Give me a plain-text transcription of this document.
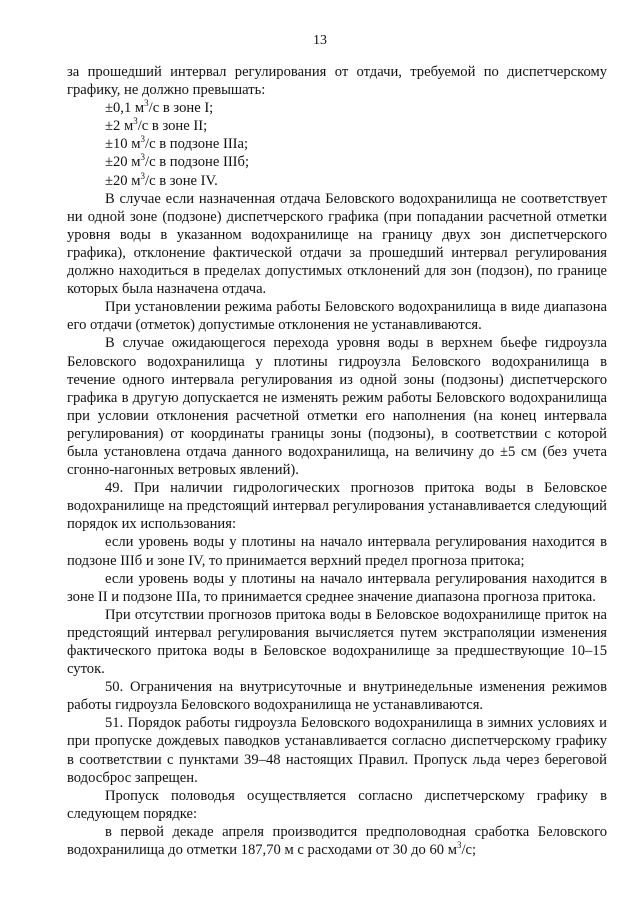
13

за прошедший интервал регулирования от отдачи, требуемой по диспетчерскому графику, не должно превышать:

±0,1 $м^3/с$ в зоне I;

±2 $м^3/с$ в зоне II;

±10 $м^3/с$ в подзоне IIIа;

±20 $м^3/с$ в подзоне IIIб;

±20 $м^3/с$ в зоне IV.

В случае если назначенная отдача Беловского водохранилища не соответствует ни одной зоне (подзоне) диспетчерского графика (при попадании расчетной отметки уровня воды в указанном водохранилище на границу двух зон диспетчерского графика), отклонение фактической отдачи за прошедший интервал регулирования должно находиться в пределах допустимых отклонений для зон (подзон), по границе которых была назначена отдача.

При установлении режима работы Беловского водохранилища в виде диапазона его отдачи (отметок) допустимые отклонения не устанавливаются.

В случае ожидающегося перехода уровня воды в верхнем бьефе гидроузла Беловского водохранилища у плотины гидроузла Беловского водохранилища в течение одного интервала регулирования из одной зоны (подзоны) диспетчерского графика в другую допускается не изменять режим работы Беловского водохранилища при условии отклонения расчетной отметки его наполнения (на конец интервала регулирования) от координаты границы зоны (подзоны), в соответствии с которой была установлена отдача данного водохранилища, на величину до ±5 см (без учета сгонно-нагонных ветровых явлений).

49. При наличии гидрологических прогнозов притока воды в Беловское водохранилище на предстоящий интервал регулирования устанавливается следующий порядок их использования:

если уровень воды у плотины на начало интервала регулирования находится в подзоне IIIб и зоне IV, то принимается верхний предел прогноза притока;

если уровень воды у плотины на начало интервала регулирования находится в зоне II и подзоне IIIа, то принимается среднее значение диапазона прогноза притока.

При отсутствии прогнозов притока воды в Беловское водохранилище приток на предстоящий интервал регулирования вычисляется путем экстраполяции изменения фактического притока воды в Беловское водохранилище за предшествующие 10–15 суток.

50. Ограничения на внутрисуточные и внутринедельные изменения режимов работы гидроузла Беловского водохранилища не устанавливаются.

51. Порядок работы гидроузла Беловского водохранилища в зимних условиях и при пропуске дождевых паводков устанавливается согласно диспетчерскому графику в соответствии с пунктами 39–48 настоящих Правил. Пропуск льда через береговой водосброс запрещен.

Пропуск половодья осуществляется согласно диспетчерскому графику в следующем порядке:

в первой декаде апреля производится предполоводная сработка Беловского водохранилища до отметки 187,70 м с расходами от 30 до 60 $м^3/с$;
